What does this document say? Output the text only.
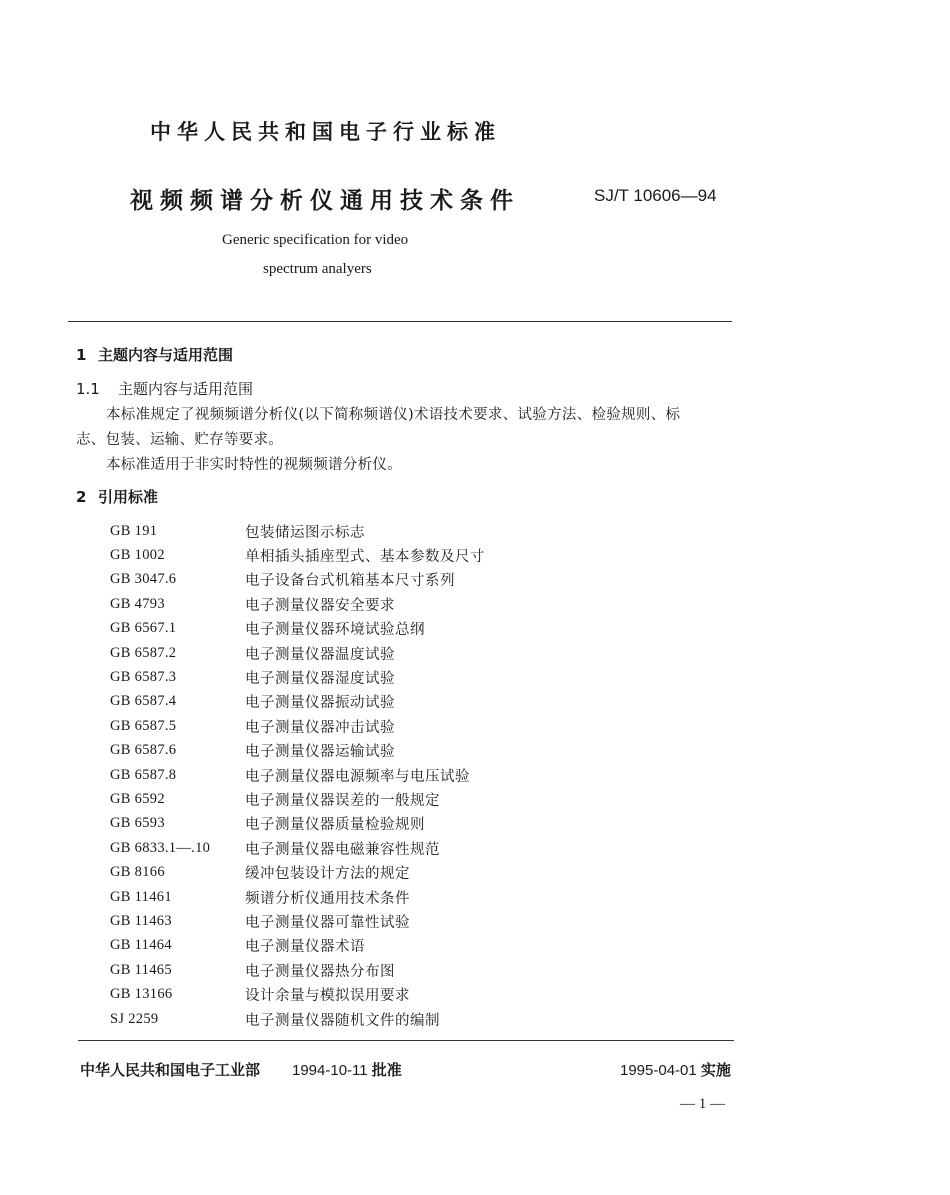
中华人民共和国电子行业标准
视频频谱分析仪通用技术条件	SJ/T 10606—94
Generic specification for video
spectrum analyers
1 主题内容与适用范围
1.1 主题内容与适用范围
本标准规定了视频频谱分析仪(以下简称频谱仪)术语技术要求、试验方法、检验规则、标
志、包装、运输、贮存等要求。
本标准适用于非实时特性的视频频谱分析仪。
2 引用标准
GB 191	包装储运图示标志
GB 1002	单相插头插座型式、基本参数及尺寸
GB 3047.6	电子设备台式机箱基本尺寸系列
GB 4793	电子测量仪器安全要求
GB 6567.1	电子测量仪器环境试验总纲
GB 6587.2	电子测量仪器温度试验
GB 6587.3	电子测量仪器湿度试验
GB 6587.4	电子测量仪器振动试验
GB 6587.5	电子测量仪器冲击试验
GB 6587.6	电子测量仪器运输试验
GB 6587.8	电子测量仪器电源频率与电压试验
GB 6592	电子测量仪器误差的一般规定
GB 6593	电子测量仪器质量检验规则
GB 6833.1—.10	电子测量仪器电磁兼容性规范
GB 8166	缓冲包装设计方法的规定
GB 11461	频谱分析仪通用技术条件
GB 11463	电子测量仪器可靠性试验
GB 11464	电子测量仪器术语
GB 11465	电子测量仪器热分布图
GB 13166	设计余量与模拟误用要求
SJ 2259	电子测量仪器随机文件的编制
中华人民共和国电子工业部 1994-10-11 批准	1995-04-01 实施
— 1 —
